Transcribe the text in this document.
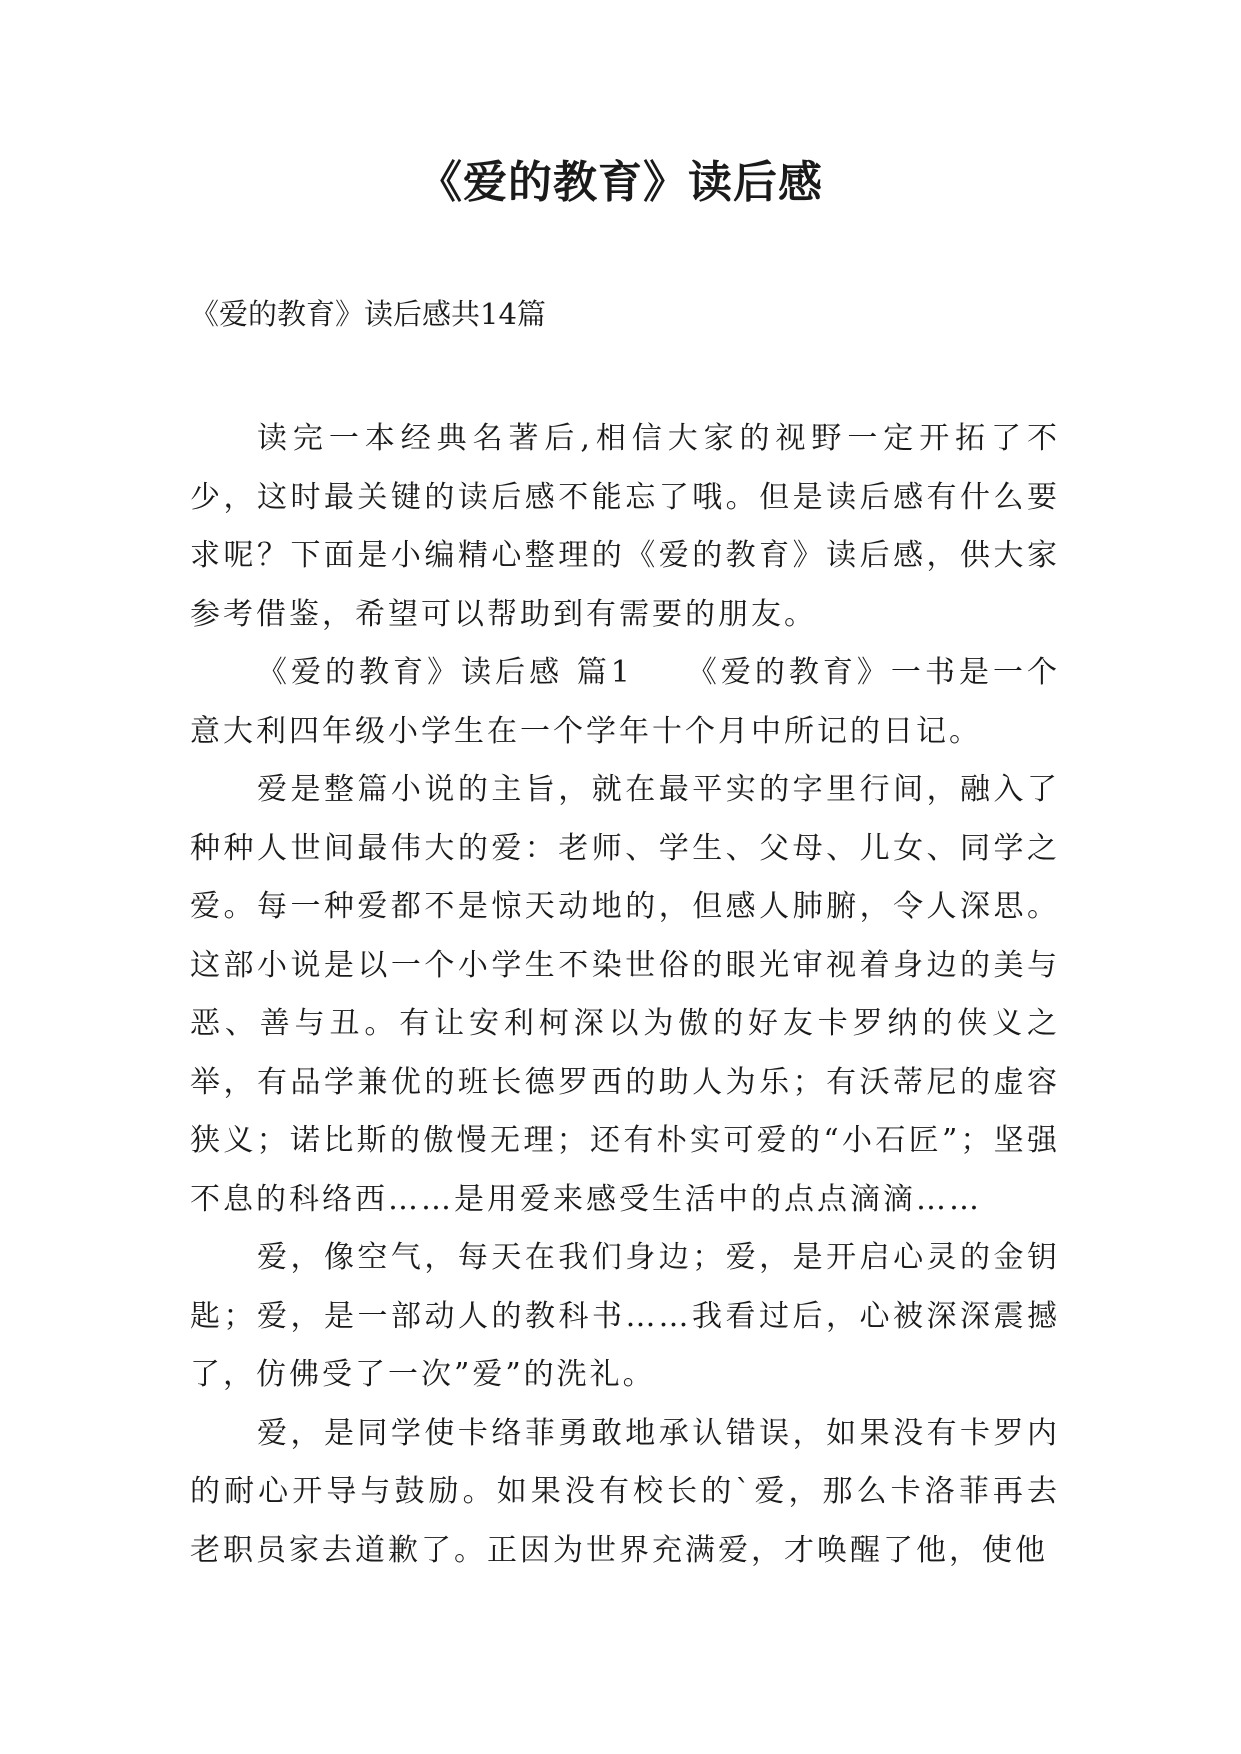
《爱的教育》读后感

《爱的教育》读后感共14篇

读完一本经典名著后,相信大家的视野一定开拓了不少，这时最关键的读后感不能忘了哦。但是读后感有什么要求呢？下面是小编精心整理的《爱的教育》读后感，供大家参考借鉴，希望可以帮助到有需要的朋友。

《爱的教育》读后感 篇1　　《爱的教育》一书是一个意大利四年级小学生在一个学年十个月中所记的日记。

爱是整篇小说的主旨，就在最平实的字里行间，融入了种种人世间最伟大的爱：老师、学生、父母、儿女、同学之爱。每一种爱都不是惊天动地的，但感人肺腑，令人深思。这部小说是以一个小学生不染世俗的眼光审视着身边的美与恶、善与丑。有让安利柯深以为傲的好友卡罗纳的侠义之举，有品学兼优的班长德罗西的助人为乐；有沃蒂尼的虚容狭义；诺比斯的傲慢无理；还有朴实可爱的“小石匠”；坚强不息的科络西……是用爱来感受生活中的点点滴滴……

爱，像空气，每天在我们身边；爱，是开启心灵的金钥匙；爱，是一部动人的教科书……我看过后，心被深深震撼了，仿佛受了一次”爱”的洗礼。

爱，是同学使卡络菲勇敢地承认错误，如果没有卡罗内的耐心开导与鼓励。如果没有校长的`爱，那么卡洛菲再去老职员家去道歉了。正因为世界充满爱，才唤醒了他，使他
